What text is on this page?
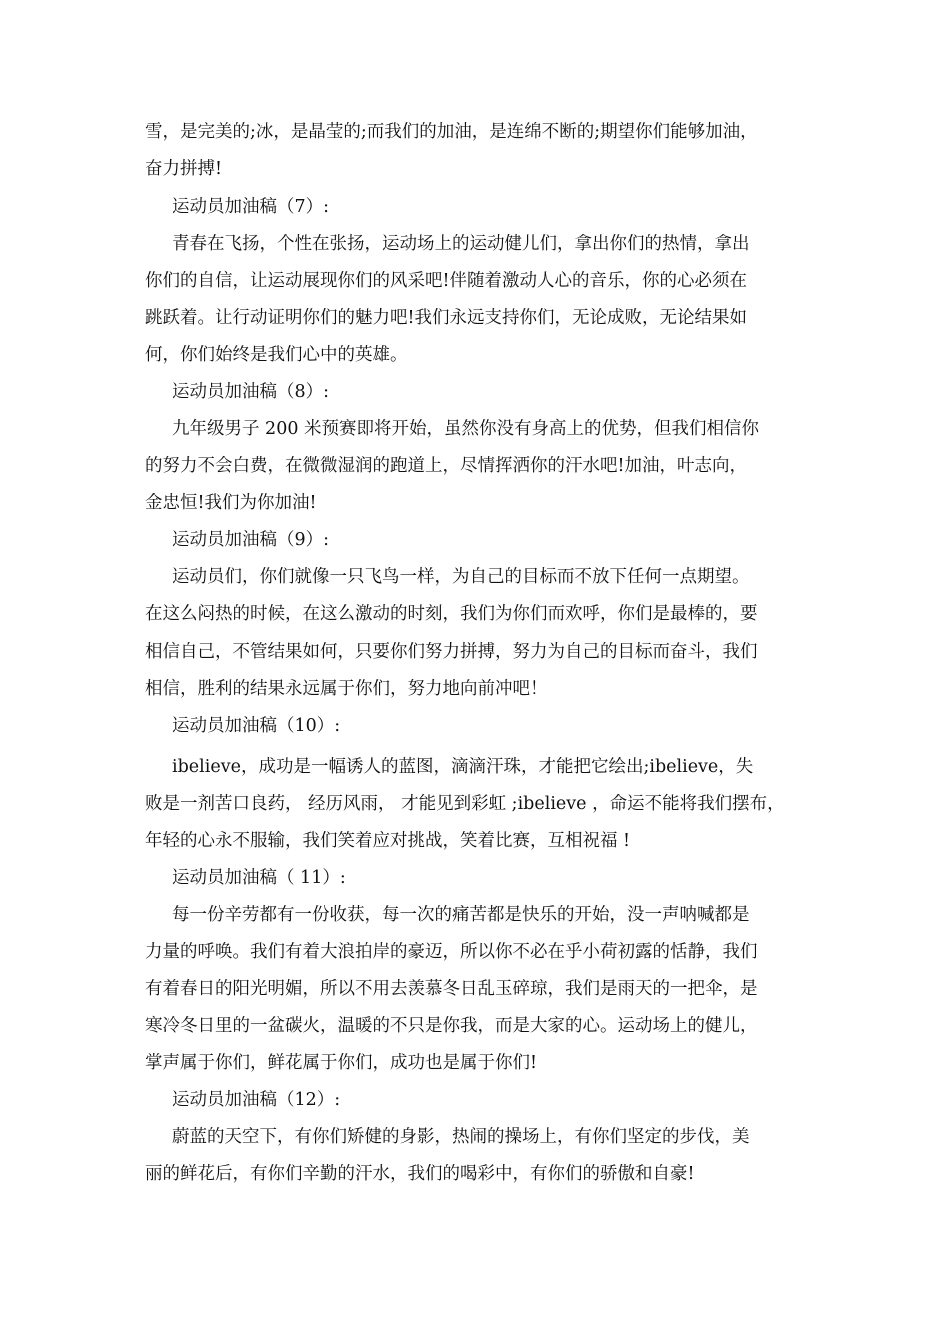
雪，是完美的;冰，是晶莹的;而我们的加油，是连绵不断的;期望你们能够加油，
奋力拼搏!
运动员加油稿（7）:
青春在飞扬，个性在张扬，运动场上的运动健儿们，拿出你们的热情，拿出
你们的自信，让运动展现你们的风采吧!伴随着激动人心的音乐，你的心必须在
跳跃着。让行动证明你们的魅力吧!我们永远支持你们，无论成败，无论结果如
何，你们始终是我们心中的英雄。
运动员加油稿（8）:
九年级男子 200 米预赛即将开始，虽然你没有身高上的优势，但我们相信你
的努力不会白费，在微微湿润的跑道上，尽情挥洒你的汗水吧!加油，叶志向，
金忠恒!我们为你加油!
运动员加油稿（9）:
运动员们，你们就像一只飞鸟一样，为自己的目标而不放下任何一点期望。
在这么闷热的时候，在这么激动的时刻，我们为你们而欢呼，你们是最棒的，要
相信自己，不管结果如何，只要你们努力拼搏，努力为自己的目标而奋斗，我们
相信，胜利的结果永远属于你们，努力地向前冲吧！
运动员加油稿（10）:
ibelieve，成功是一幅诱人的蓝图，滴滴汗珠，才能把它绘出;ibelieve，失
败是一剂苦口良药， 经历风雨， 才能见到彩虹 ;ibelieve ，命运不能将我们摆布，
年轻的心永不服输，我们笑着应对挑战，笑着比赛，互相祝福 !
运动员加油稿（ 11）:
每一份辛劳都有一份收获，每一次的痛苦都是快乐的开始，没一声呐喊都是
力量的呼唤。我们有着大浪拍岸的豪迈，所以你不必在乎小荷初露的恬静，我们
有着春日的阳光明媚，所以不用去羡慕冬日乱玉碎琼，我们是雨天的一把伞，是
寒冷冬日里的一盆碳火，温暖的不只是你我，而是大家的心。运动场上的健儿，
掌声属于你们，鲜花属于你们，成功也是属于你们!
运动员加油稿（12）:
蔚蓝的天空下，有你们矫健的身影，热闹的操场上，有你们坚定的步伐，美
丽的鲜花后，有你们辛勤的汗水，我们的喝彩中，有你们的骄傲和自豪!
